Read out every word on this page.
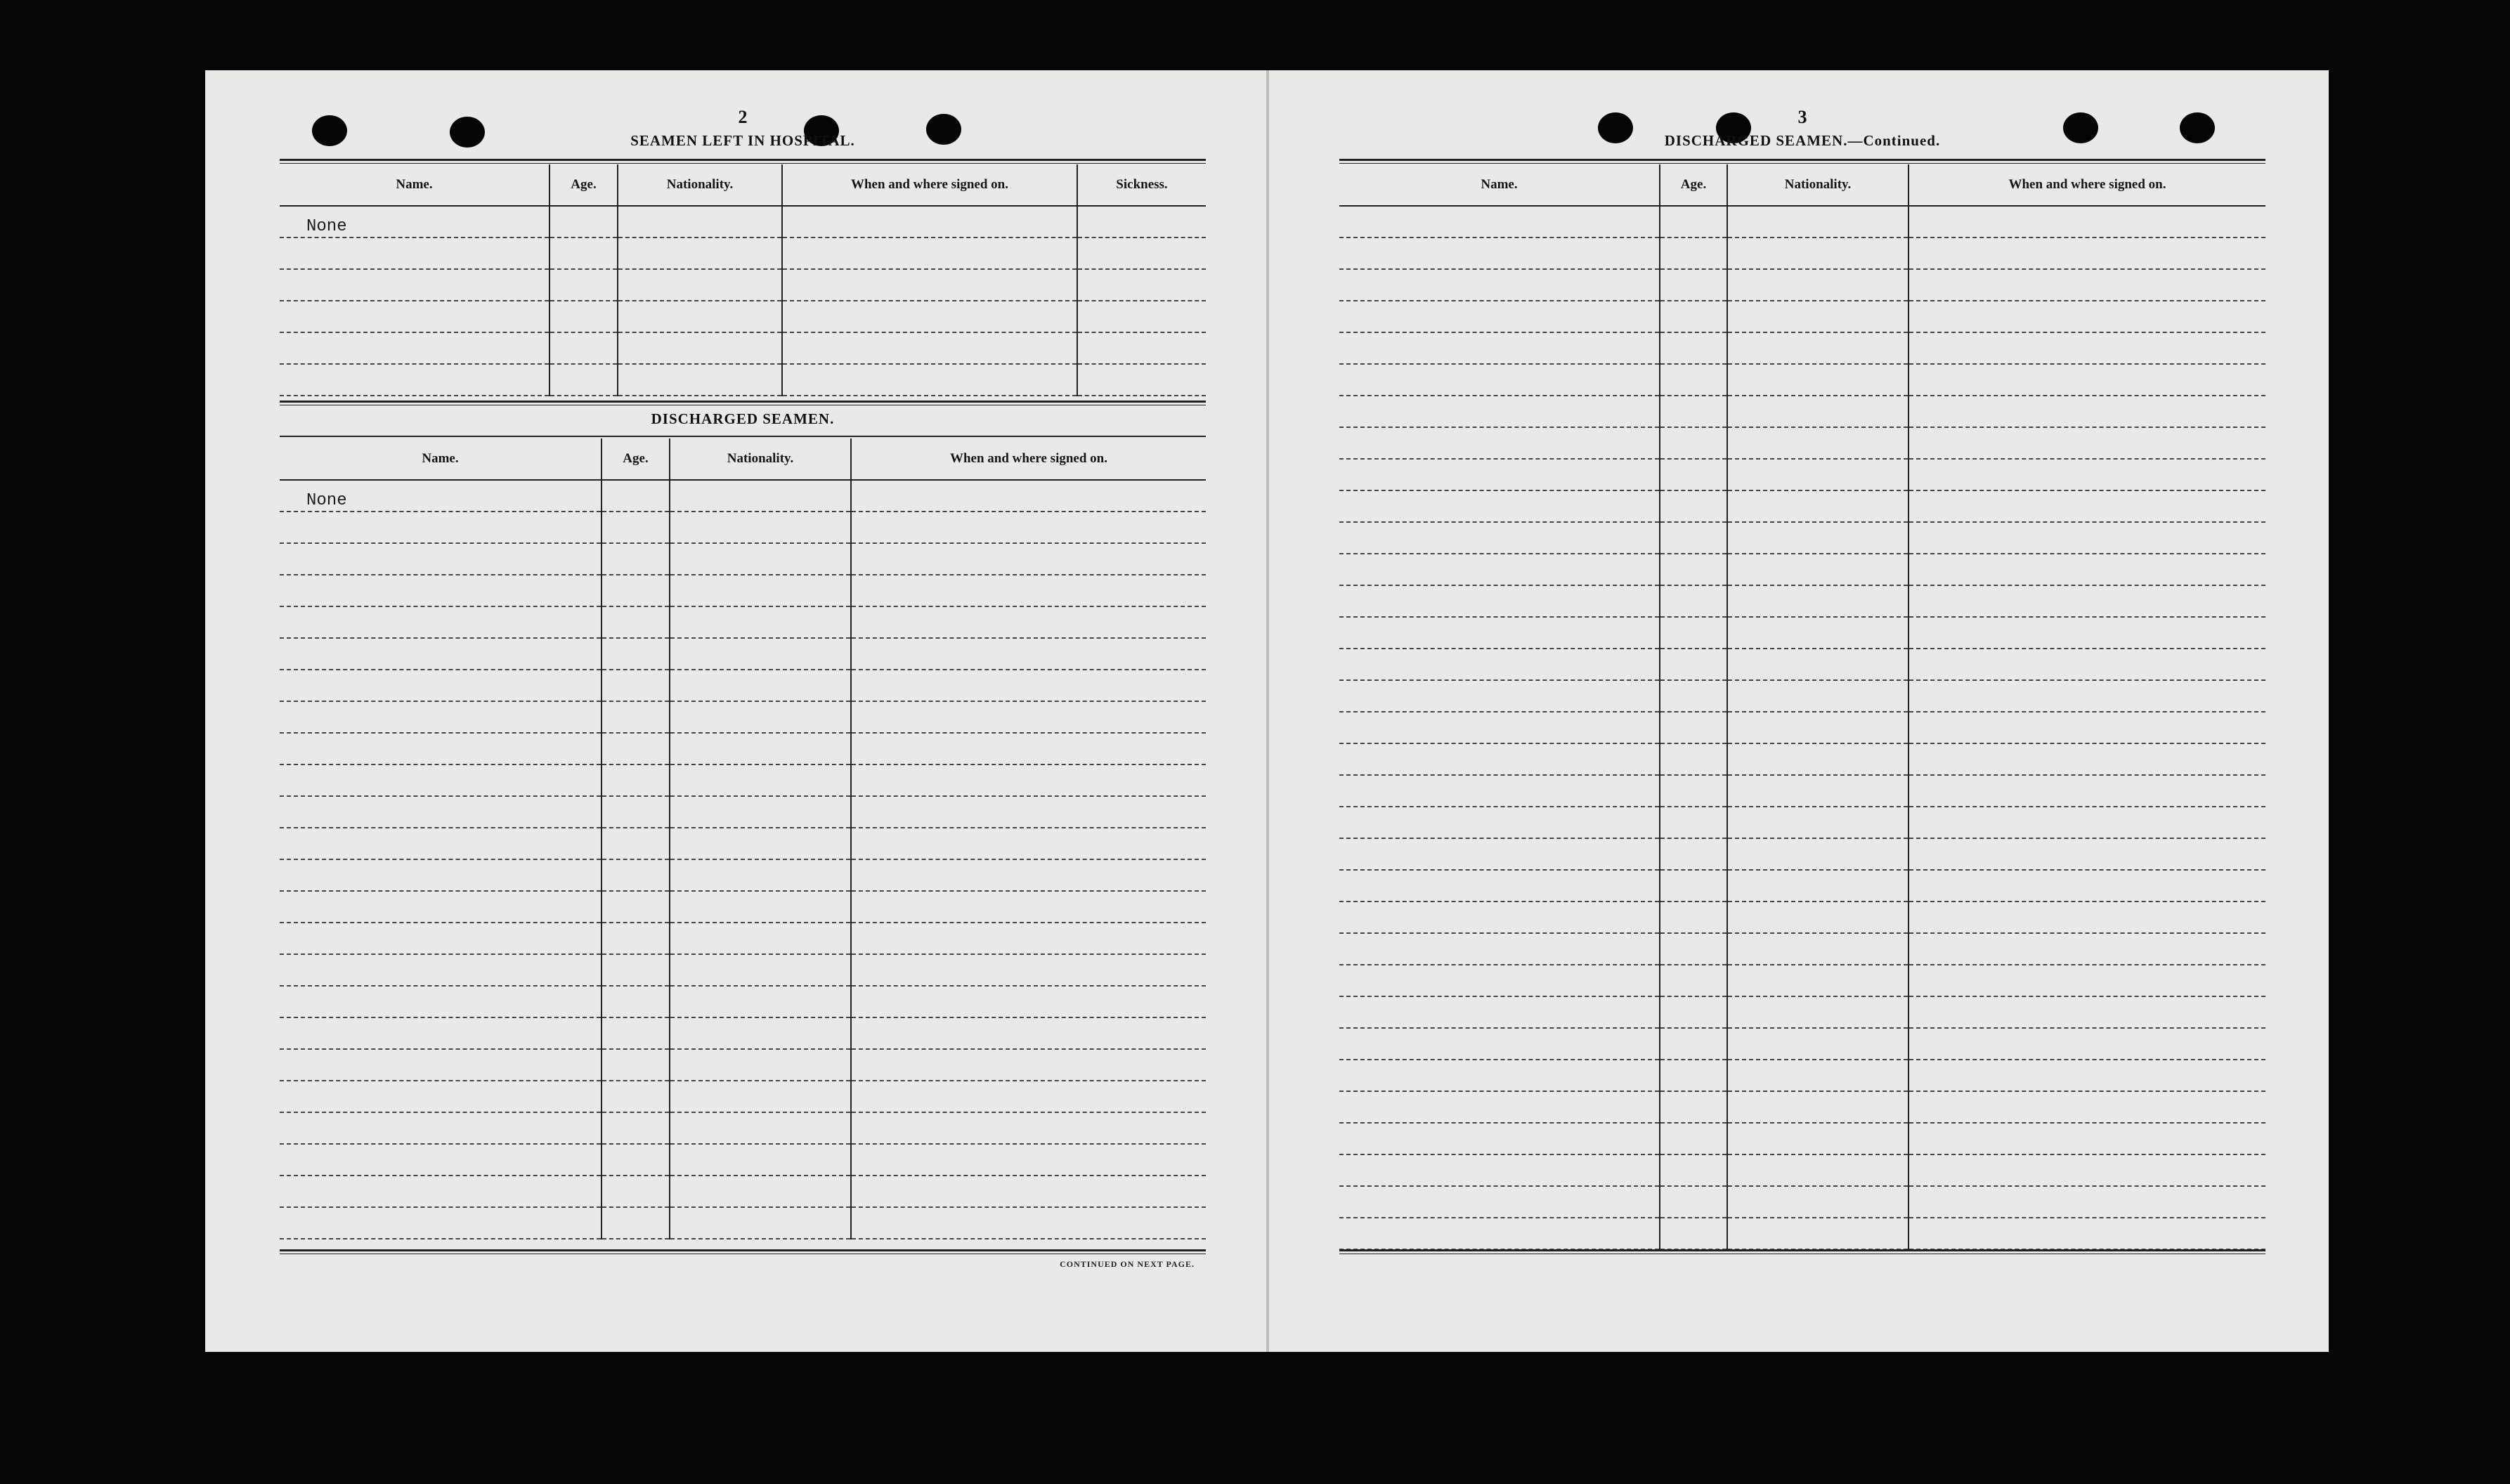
2
SEAMEN LEFT IN HOSPITAL.
Name.	Age.	Nationality.	When and where signed on.	Sickness.
None				

DISCHARGED SEAMEN.
Name.	Age.	Nationality.	When and where signed on.
None			

CONTINUED ON NEXT PAGE.
3
DISCHARGED SEAMEN.—Continued.
Name.	Age.	Nationality.	When and where signed on.
